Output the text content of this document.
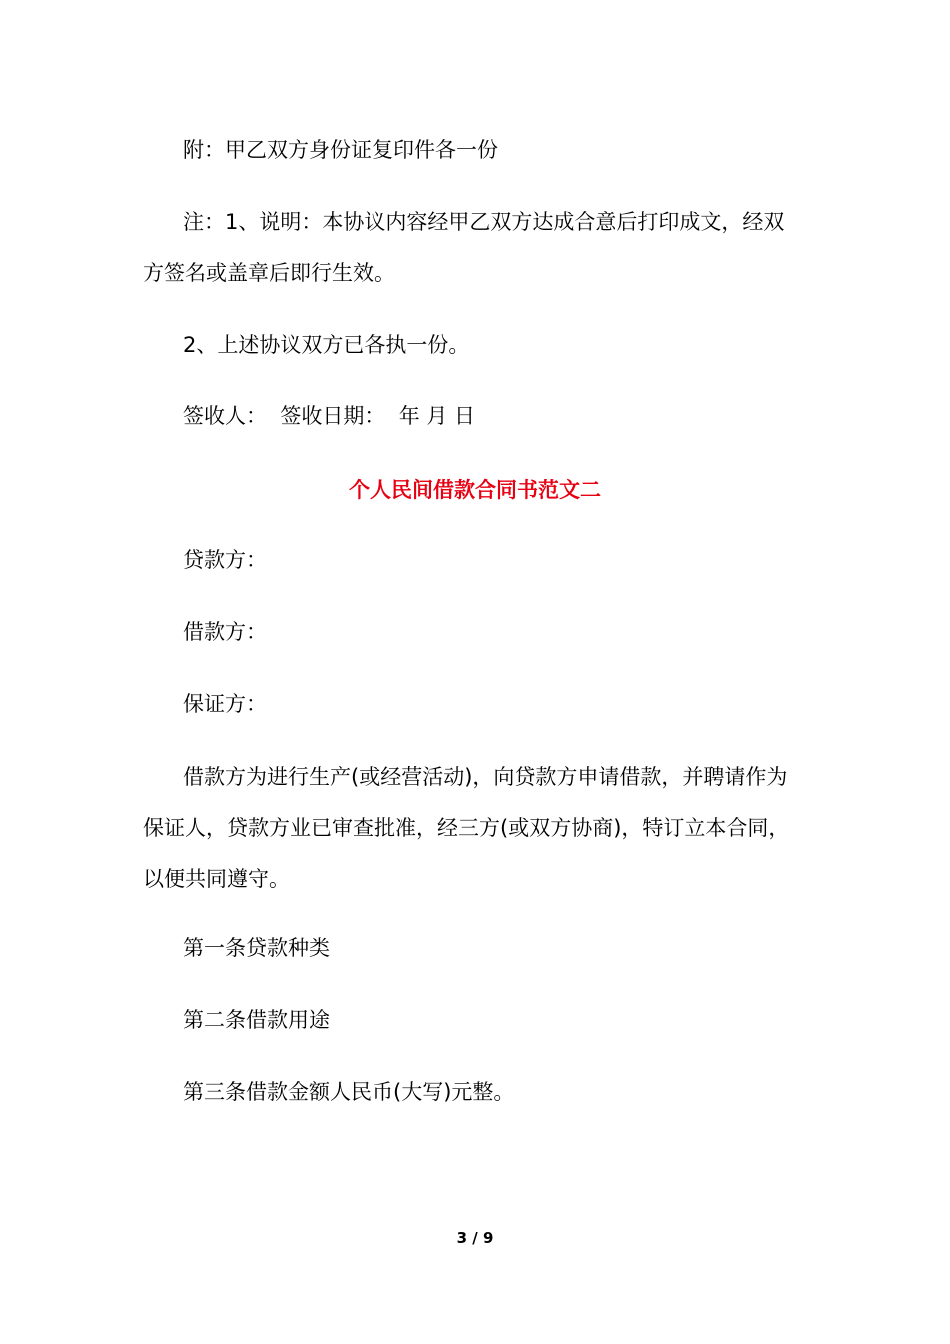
附：甲乙双方身份证复印件各一份

注：1、说明：本协议内容经甲乙双方达成合意后打印成文，经双方签名或盖章后即行生效。

2、上述协议双方已各执一份。

签收人：  签收日期：  年 月 日

个人民间借款合同书范文二

贷款方：

借款方：

保证方：

借款方为进行生产(或经营活动)，向贷款方申请借款，并聘请作为保证人，贷款方业已审查批准，经三方(或双方协商)，特订立本合同，以便共同遵守。

第一条贷款种类

第二条借款用途

第三条借款金额人民币(大写)元整。

3 / 9
